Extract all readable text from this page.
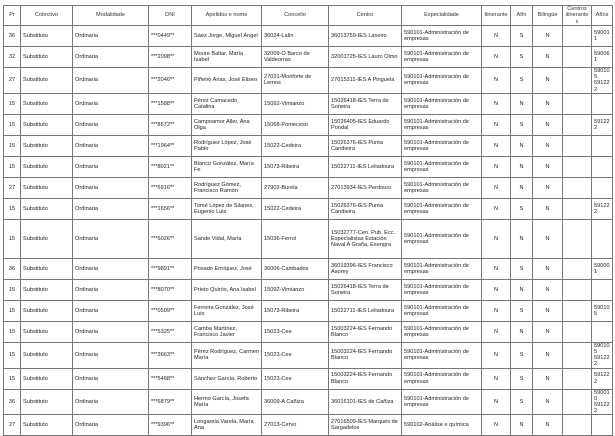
Pr	Colectivo	Modalidade	DNI	Apelidos e nome	Concello	Centro	Especialidade	Itinerante	Afín	Bilingüe	Centros itinerantes	Afíns
36	Substituto	Ordinaria	***0449**	Sáez Jorge, Miguel Ángel	36024-Lalín	36013759-IES Laxeiro	590101-Administración de empresas	N	S	N		590011
32	Substituto	Ordinaria	***2098**	Moure Baltar, María Isabel	32009-O Barco de Valdeorras	32001725-IES Lauro Olmo	590101-Administración de empresas	N	S	N		590061
27	Substituto	Ordinaria	***2046**	Piñeiro Arias, José Eliseo	27031-Monforte de Lemos	27015311-IES A Pinguela	590101-Administración de empresas	N	S	N		590105 591222
15	Substituto	Ordinaria	***1588**	Pérez Camacedo, Catalina	15092-Vimianzo	15026418-IES Terra de Soneira	590101-Administración de empresas	N	N	N		
15	Substituto	Ordinaria	***8572**	Campoamor Aller, Ana Olga	15068-Ponteceso	15026405-IES Eduardo Pondal	590101-Administración de empresas	N	S	N		591222
15	Substituto	Ordinaria	***1964**	Rodríguez López, José Pablo	15022-Cedeira	15026376-IES Punta Candieira	590101-Administración de empresas	N	N	N		
15	Substituto	Ordinaria	***8021**	Blanco González, María Fe	15073-Ribeira	15022711-IES Leliadoura	590101-Administración de empresas	N	N	N		
27	Substituto	Ordinaria	***6916**	Rodríguez Gómez, Francisco Ramón	27902-Burela	27013934-IES Perdouro	590101-Administración de empresas	N	N	N		
15	Substituto	Ordinaria	***1656**	Tomé López de Silanes, Eugenio Luis	15022-Cedeira	15026376-IES Punta Candieira	590101-Administración de empresas	N	S	N		591222
15	Substituto	Ordinaria	***6026**	Sande Vidal, María	15036-Ferrol	15032777-Cen. Pub. Ecc. Especialistas Estación Naval A Graña, Esengra	590101-Administración de empresas	N	N	N		
36	Substituto	Ordinaria	***9891**	Posado Enríquez, José	36006-Cambados	36019396-IES Francisco Asorey	590101-Administración de empresas	N	S	N		590001
15	Substituto	Ordinaria	***8070**	Prieto Quirós, Ana Isabel	15092-Vimianzo	15026418-IES Terra de Soneira	590101-Administración de empresas	N	N	N		
15	Substituto	Ordinaria	***0509**	Ferreira González, José Luis	15073-Ribeira	15022711-IES Leliadoura	590101-Administración de empresas	N	S	N		590105
15	Substituto	Ordinaria	***5325**	Camba Martínez, Francisco Javier	15023-Cee	15003224-IES Fernando Blanco	590101-Administración de empresas	N	N	N		
15	Substituto	Ordinaria	***3663**	Pérez Rodríguez, Carmen María	15023-Cee	15003224-IES Fernando Blanco	590101-Administración de empresas	N	S	N		590105 591222
15	Substituto	Ordinaria	***5468**	Sánchez García, Roberto	15023-Cee	15003224-IES Fernando Blanco	590101-Administración de empresas	N	S	N		591222
36	Substituto	Ordinaria	***6879**	Hermo García, Josefa María	36009-A Cañiza	36016101-IES de Cañiza	590101-Administración de empresas	N	S	N		590010 591222
27	Substituto	Ordinaria	***9396**	Longarela Varela, María Ana	27013-Cervo	27016509-IES Marqués de Sargadelos	590102-Análise e química	N	N	N		
